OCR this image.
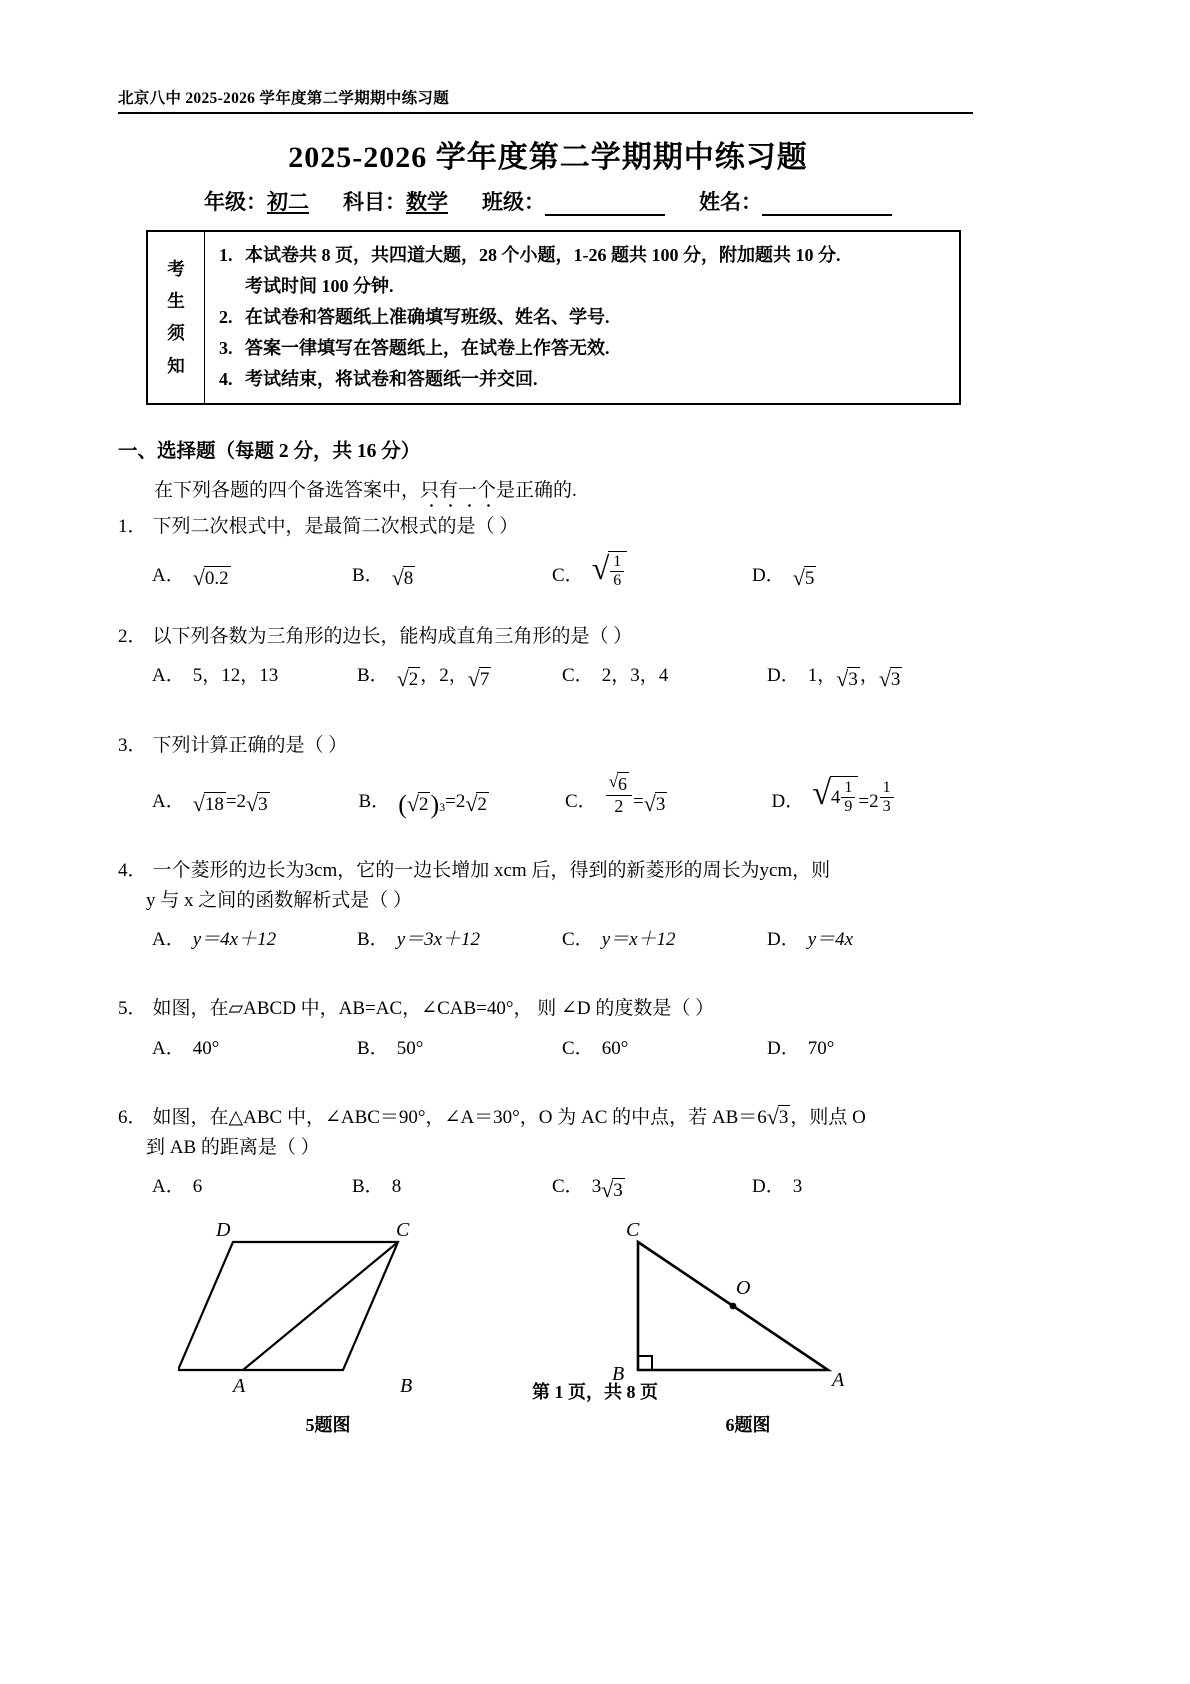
北京八中 2025-2026 学年度第二学期期中练习题
2025-2026 学年度第二学期期中练习题
年级： 初二 科目： 数学 班级：	姓名：
考
生
须
知
1. 本试卷共 8 页，共四道大题，28 个小题，1-26 题共 100 分，附加题共 10 分.
考试时间 100 分钟.
2. 在试卷和答题纸上准确填写班级、姓名、学号.
3. 答案一律填写在答题纸上，在试卷上作答无效.
4. 考试结束，将试卷和答题纸一并交回.
一、选择题（每题 2 分，共 16 分）
在下列各题的四个备选答案中，只有一个是正确的.
1． 下列二次根式中，是最简二次根式的是（ ）
A． √ 0.2	B． √ 8	C． √ $\frac{1}{6}$	D． √ 5
2． 以下列各数为三角形的边长，能构成直角三角形的是（ ）
A． 5，12，13	B． √ 2 ，2， √ 7	C． 2，3，4	D． 1， √ 3 ， √ 3
3． 下列计算正确的是（ ）
A． √ 18 =2 √ 3	B． ( √ 2 ) 3 =2 √ 2	C． $\frac{√ 6}{2}$ = √ 3	D． √ $4 \frac{1}{9} =2 \frac{1}{3}$
4． 一个菱形的边长为3cm，它的一边长增加 xcm 后，得到的新菱形的周长为ycm，则
y 与 x 之间的函数解析式是（ ）
A． y＝4x＋12	B． y＝3x＋12	C． y＝x＋12	D． y＝4x
5． 如图，在▱ABCD 中，AB=AC，∠CAB=40°， 则 ∠D 的度数是（ ）
A． 40°	B． 50°	C． 60°	D． 70°
6． 如图，在△ABC 中，∠ABC＝90°，∠A＝30°，O 为 AC 的中点，若 AB＝6 √ 3 ，则点 O
到 AB 的距离是（ ）
A． 6	B． 8	C． 3 √ 3	D． 3
D	C
A	B
5题图
C
B	A
O
6题图
第 1 页，共 8 页
